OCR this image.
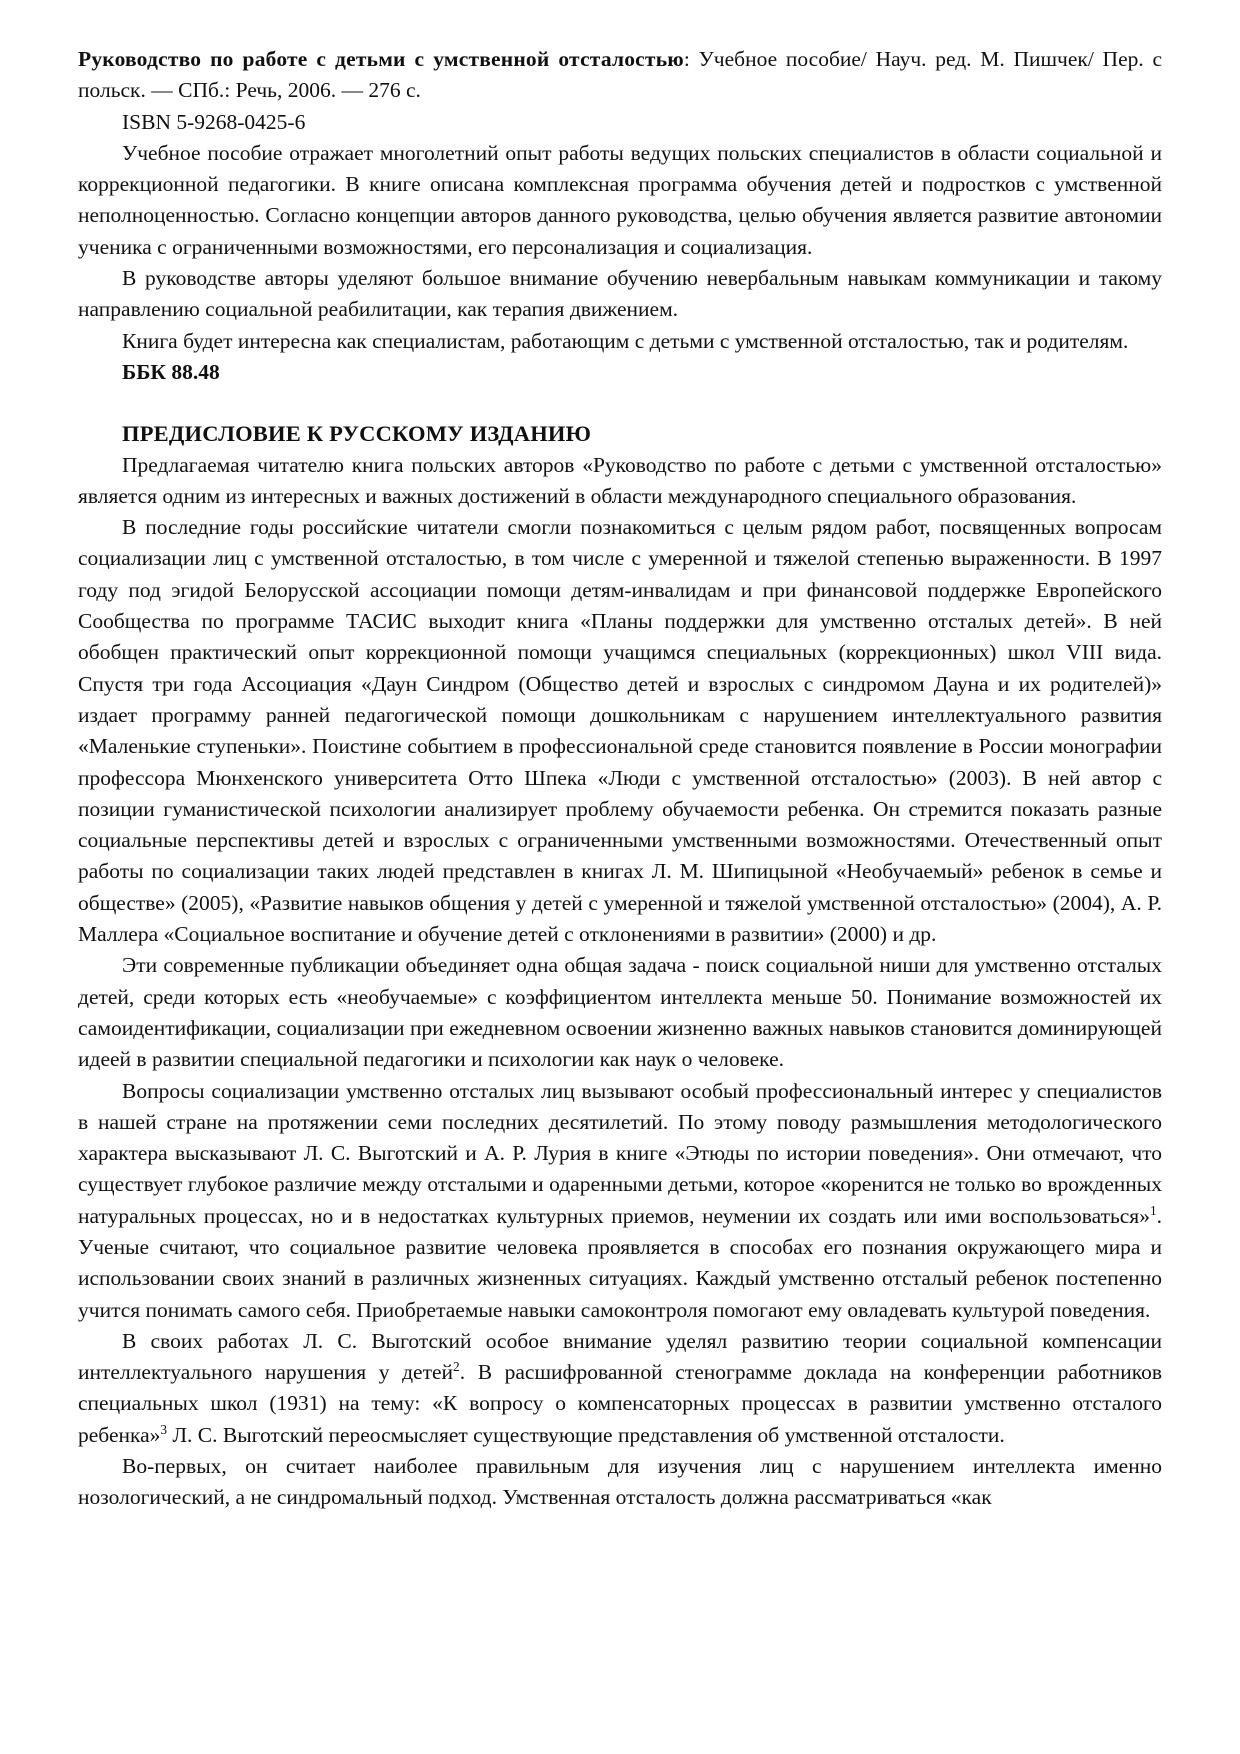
Руководство по работе с детьми с умственной отсталостью: Учебное пособие/ Науч. ред. М. Пишчек/ Пер. с польск. — СПб.: Речь, 2006. — 276 с.

ISBN 5-9268-0425-6

Учебное пособие отражает многолетний опыт работы ведущих польских специалистов в области социальной и коррекционной педагогики. В книге описана комплексная программа обучения детей и подростков с умственной неполноценностью. Согласно концепции авторов данного руководства, целью обучения является развитие автономии ученика с ограниченными возможностями, его персонализация и социализация.

В руководстве авторы уделяют большое внимание обучению невербальным навыкам коммуникации и такому направлению социальной реабилитации, как терапия движением.

Книга будет интересна как специалистам, работающим с детьми с умственной отсталостью, так и родителям.

ББК 88.48

ПРЕДИСЛОВИЕ К РУССКОМУ ИЗДАНИЮ

Предлагаемая читателю книга польских авторов «Руководство по работе с детьми с умственной отсталостью» является одним из интересных и важных достижений в области международного специального образования.

В последние годы российские читатели смогли познакомиться с целым рядом работ, посвященных вопросам социализации лиц с умственной отсталостью, в том числе с умеренной и тяжелой степенью выраженности. В 1997 году под эгидой Белорусской ассоциации помощи детям-инвалидам и при финансовой поддержке Европейского Сообщества по программе ТАСИС выходит книга «Планы поддержки для умственно отсталых детей». В ней обобщен практический опыт коррекционной помощи учащимся специальных (коррекционных) школ VIII вида. Спустя три года Ассоциация «Даун Синдром (Общество детей и взрослых с синдромом Дауна и их родителей)» издает программу ранней педагогической помощи дошкольникам с нарушением интеллектуального развития «Маленькие ступеньки». Поистине событием в профессиональной среде становится появление в России монографии профессора Мюнхенского университета Отто Шпека «Люди с умственной отсталостью» (2003). В ней автор с позиции гуманистической психологии анализирует проблему обучаемости ребенка. Он стремится показать разные социальные перспективы детей и взрослых с ограниченными умственными возможностями. Отечественный опыт работы по социализации таких людей представлен в книгах Л. М. Шипицыной «Необучаемый» ребенок в семье и обществе» (2005), «Развитие навыков общения у детей с умеренной и тяжелой умственной отсталостью» (2004), А. Р. Маллера «Социальное воспитание и обучение детей с отклонениями в развитии» (2000) и др.

Эти современные публикации объединяет одна общая задача - поиск социальной ниши для умственно отсталых детей, среди которых есть «необучаемые» с коэффициентом интеллекта меньше 50. Понимание возможностей их самоидентификации, социализации при ежедневном освоении жизненно важных навыков становится доминирующей идеей в развитии специальной педагогики и психологии как наук о человеке.

Вопросы социализации умственно отсталых лиц вызывают особый профессиональный интерес у специалистов в нашей стране на протяжении семи последних десятилетий. По этому поводу размышления методологического характера высказывают Л. С. Выготский и А. Р. Лурия в книге «Этюды по истории поведения». Они отмечают, что существует глубокое различие между отсталыми и одаренными детьми, которое «коренится не только во врожденных натуральных процессах, но и в недостатках культурных приемов, неумении их создать или ими воспользоваться»$^1$. Ученые считают, что социальное развитие человека проявляется в способах его познания окружающего мира и использовании своих знаний в различных жизненных ситуациях. Каждый умственно отсталый ребенок постепенно учится понимать самого себя. Приобретаемые навыки самоконтроля помогают ему овладевать культурой поведения.

В своих работах Л. С. Выготский особое внимание уделял развитию теории социальной компенсации интеллектуального нарушения у детей$^2$. В расшифрованной стенограмме доклада на конференции работников специальных школ (1931) на тему: «К вопросу о компенсаторных процессах в развитии умственно отсталого ребенка»$^3$ Л. С. Выготский переосмысляет существующие представления об умственной отсталости.

Во-первых, он считает наиболее правильным для изучения лиц с нарушением интеллекта именно нозологический, а не синдромальный подход. Умственная отсталость должна рассматриваться «как
